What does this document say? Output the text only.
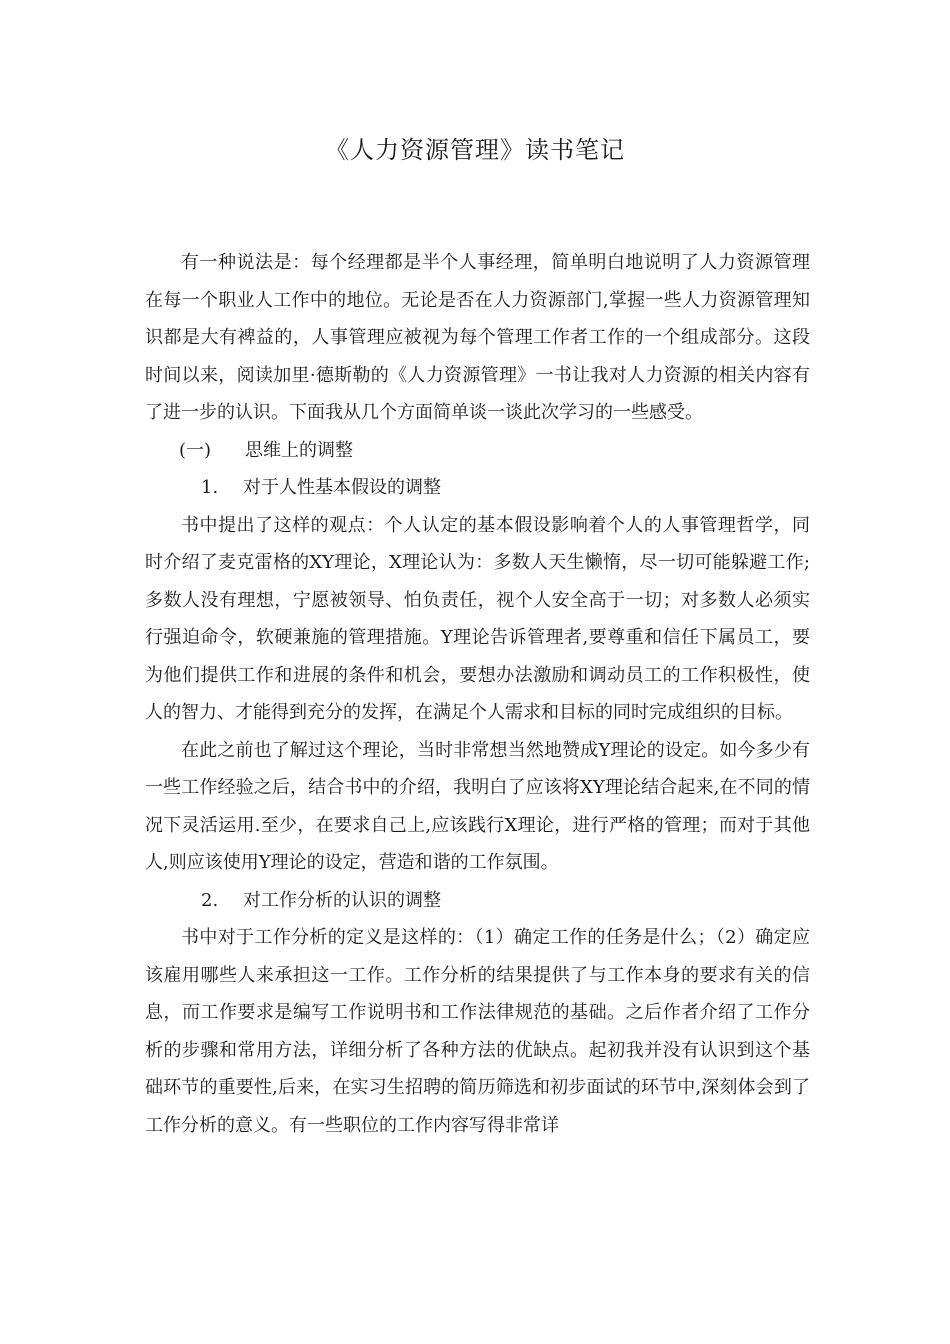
《人力资源管理》读书笔记

有一种说法是：每个经理都是半个人事经理，简单明白地说明了人力资源管理在每一个职业人工作中的地位。无论是否在人力资源部门,掌握一些人力资源管理知识都是大有裨益的，人事管理应被视为每个管理工作者工作的一个组成部分。这段时间以来，阅读加里·德斯勒的《人力资源管理》一书让我对人力资源的相关内容有了进一步的认识。下面我从几个方面简单谈一谈此次学习的一些感受。

(一) 思维上的调整
1. 对于人性基本假设的调整

书中提出了这样的观点：个人认定的基本假设影响着个人的人事管理哲学，同时介绍了麦克雷格的XY理论，X理论认为：多数人天生懒惰，尽一切可能躲避工作;多数人没有理想，宁愿被领导、怕负责任，视个人安全高于一切；对多数人必须实行强迫命令，软硬兼施的管理措施。Y理论告诉管理者,要尊重和信任下属员工，要为他们提供工作和进展的条件和机会，要想办法激励和调动员工的工作积极性，使人的智力、才能得到充分的发挥，在满足个人需求和目标的同时完成组织的目标。

在此之前也了解过这个理论，当时非常想当然地赞成Y理论的设定。如今多少有一些工作经验之后，结合书中的介绍，我明白了应该将XY理论结合起来,在不同的情况下灵活运用.至少，在要求自己上,应该践行X理论，进行严格的管理；而对于其他人,则应该使用Y理论的设定，营造和谐的工作氛围。

2. 对工作分析的认识的调整

书中对于工作分析的定义是这样的：（1）确定工作的任务是什么；（2）确定应该雇用哪些人来承担这一工作。工作分析的结果提供了与工作本身的要求有关的信息，而工作要求是编写工作说明书和工作法律规范的基础。之后作者介绍了工作分析的步骤和常用方法，详细分析了各种方法的优缺点。起初我并没有认识到这个基础环节的重要性,后来，在实习生招聘的简历筛选和初步面试的环节中,深刻体会到了工作分析的意义。有一些职位的工作内容写得非常详
